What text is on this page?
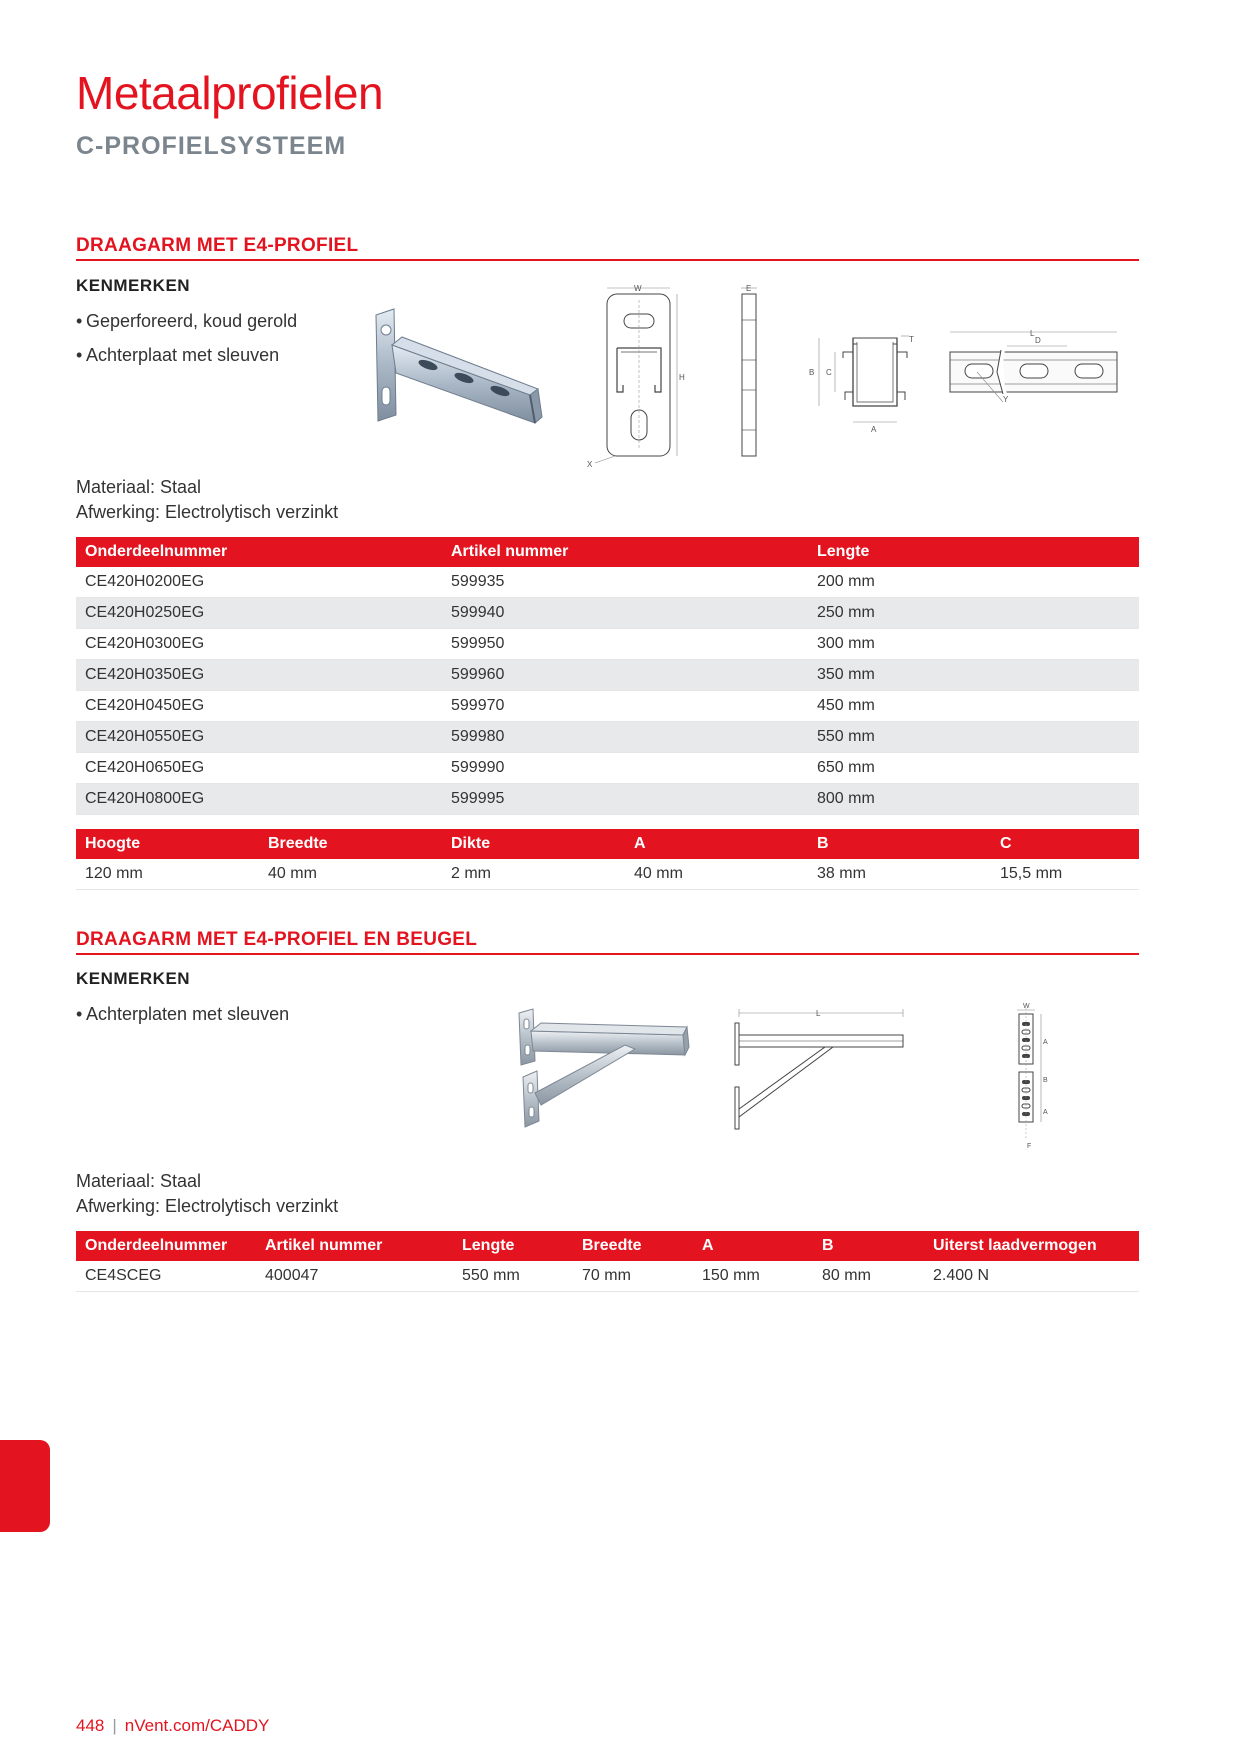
Metaalprofielen
C-PROFIELSYSTEEM
DRAAGARM MET E4-PROFIEL
KENMERKEN
• Geperforeerd, koud gerold
• Achterplaat met sleuven
W
H
X
E
B C
A
T
L
D
Y
Materiaal: Staal
Afwerking: Electrolytisch verzinkt
Onderdeelnummer	Artikel nummer	Lengte
CE420H0200EG	599935	200 mm
CE420H0250EG	599940	250 mm
CE420H0300EG	599950	300 mm
CE420H0350EG	599960	350 mm
CE420H0450EG	599970	450 mm
CE420H0550EG	599980	550 mm
CE420H0650EG	599990	650 mm
CE420H0800EG	599995	800 mm
Hoogte	Breedte	Dikte	A	B	C
120 mm	40 mm	2 mm	40 mm	38 mm	15,5 mm
DRAAGARM MET E4-PROFIEL EN BEUGEL
KENMERKEN
• Achterplaten met sleuven	L
W
A
B
A
F
Materiaal: Staal
Afwerking: Electrolytisch verzinkt
Onderdeelnummer	Artikel nummer	Lengte	Breedte	A	B	Uiterst laadvermogen
CE4SCEG	400047	550 mm	70 mm	150 mm	80 mm	2.400 N
448 | nVent.com/CADDY
